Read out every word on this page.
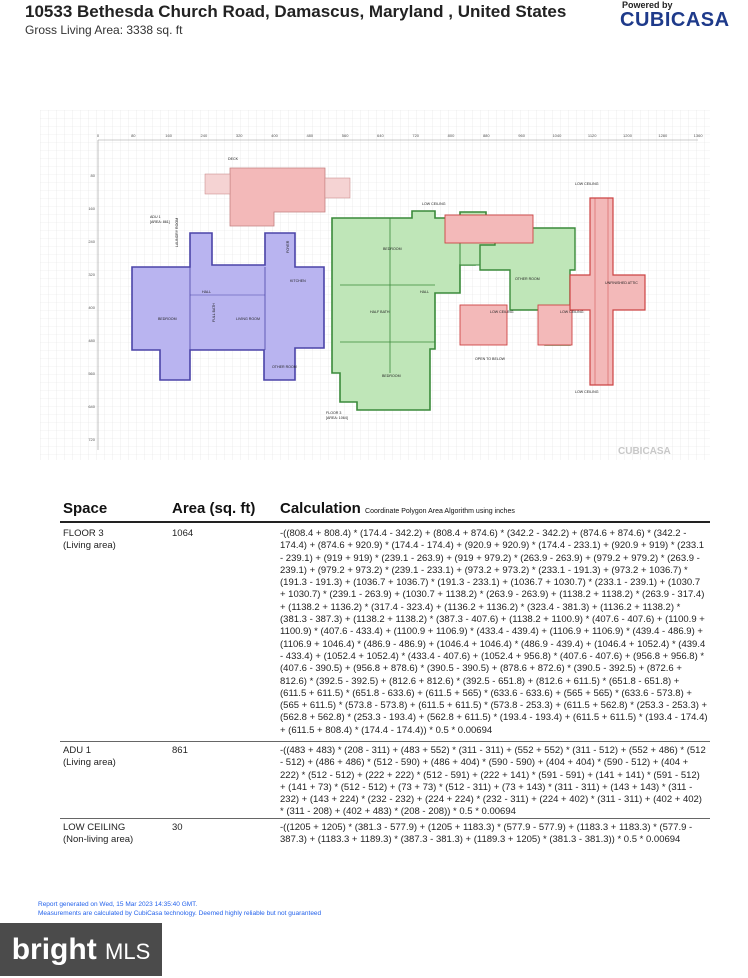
10533 Bethesda Church Road, Damascus, Maryland , United States
Gross Living Area: 3338 sq. ft
Powered by
CUBICASA
0	80	160	240	320	400	480	560	640	720	800	880	960	1040	1120	1200	1280	1360
80
160
240
320
400
480
560
640
720
DECK
ADU 1
[AREA: 861] LAUNDRY ROOM
BEDROOM
HALL
FULL BATH	LIVING ROOM
KITCHEN
FOYER
OTHER ROOM
BEDROOM
HALL
HALF BATH
BEDROOM
FLOOR 3
[AREA: 1064]
OTHER ROOM
UNFINISHED ATTIC
LOW CEILING
LOW CEILING
LOW CEILING
OPEN TO BELOW
LOW CEILING
LOW CEILING
CUBICASA
Space	Area (sq. ft) Calculation Coordinate Polygon Area Algorithm using inches
FLOOR 3
(Living area)
1064	-((808.4 + 808.4) * (174.4 - 342.2) + (808.4 + 874.6) * (342.2 - 342.2) + (874.6 + 874.6) * (342.2 - 174.4) + (874.6 + 920.9) * (174.4 - 174.4) + (920.9 + 920.9) * (174.4 - 233.1) + (920.9 + 919) * (233.1 - 239.1) + (919 + 919) * (239.1 - 263.9) + (919 + 979.2) * (263.9 - 263.9) + (979.2 + 979.2) * (263.9 - 239.1) + (979.2 + 973.2) * (239.1 - 233.1) + (973.2 + 973.2) * (233.1 - 191.3) + (973.2 + 1036.7) * (191.3 - 191.3) + (1036.7 + 1036.7) * (191.3 - 233.1) + (1036.7 + 1030.7) * (233.1 - 239.1) + (1030.7 + 1030.7) * (239.1 - 263.9) + (1030.7 + 1138.2) * (263.9 - 263.9) + (1138.2 + 1138.2) * (263.9 - 317.4) + (1138.2 + 1136.2) * (317.4 - 323.4) + (1136.2 + 1136.2) * (323.4 - 381.3) + (1136.2 + 1138.2) * (381.3 - 387.3) + (1138.2 + 1138.2) * (387.3 - 407.6) + (1138.2 + 1100.9) * (407.6 - 407.6) + (1100.9 + 1100.9) * (407.6 - 433.4) + (1100.9 + 1106.9) * (433.4 - 439.4) + (1106.9 + 1106.9) * (439.4 - 486.9) + (1106.9 + 1046.4) * (486.9 - 486.9) + (1046.4 + 1046.4) * (486.9 - 439.4) + (1046.4 + 1052.4) * (439.4 - 433.4) + (1052.4 + 1052.4) * (433.4 - 407.6) + (1052.4 + 956.8) * (407.6 - 407.6) + (956.8 + 956.8) * (407.6 - 390.5) + (956.8 + 878.6) * (390.5 - 390.5) + (878.6 + 872.6) * (390.5 - 392.5) + (872.6 + 812.6) * (392.5 - 392.5) + (812.6 + 812.6) * (392.5 - 651.8) + (812.6 + 611.5) * (651.8 - 651.8) + (611.5 + 611.5) * (651.8 - 633.6) + (611.5 + 565) * (633.6 - 633.6) + (565 + 565) * (633.6 - 573.8) + (565 + 611.5) * (573.8 - 573.8) + (611.5 + 611.5) * (573.8 - 253.3) + (611.5 + 562.8) * (253.3 - 253.3) + (562.8 + 562.8) * (253.3 - 193.4) + (562.8 + 611.5) * (193.4 - 193.4) + (611.5 + 611.5) * (193.4 - 174.4) + (611.5 + 808.4) * (174.4 - 174.4)) * 0.5 * 0.00694
ADU 1
(Living area)
861	-((483 + 483) * (208 - 311) + (483 + 552) * (311 - 311) + (552 + 552) * (311 - 512) + (552 + 486) * (512 - 512) + (486 + 486) * (512 - 590) + (486 + 404) * (590 - 590) + (404 + 404) * (590 - 512) + (404 + 222) * (512 - 512) + (222 + 222) * (512 - 591) + (222 + 141) * (591 - 591) + (141 + 141) * (591 - 512) + (141 + 73) * (512 - 512) + (73 + 73) * (512 - 311) + (73 + 143) * (311 - 311) + (143 + 143) * (311 - 232) + (143 + 224) * (232 - 232) + (224 + 224) * (232 - 311) + (224 + 402) * (311 - 311) + (402 + 402) * (311 - 208) + (402 + 483) * (208 - 208)) * 0.5 * 0.00694
LOW CEILING
(Non-living area)
30	-((1205 + 1205) * (381.3 - 577.9) + (1205 + 1183.3) * (577.9 - 577.9) + (1183.3 + 1183.3) * (577.9 - 387.3) + (1183.3 + 1189.3) * (387.3 - 381.3) + (1189.3 + 1205) * (381.3 - 381.3)) * 0.5 * 0.00694
Report generated on Wed, 15 Mar 2023 14:35:40 GMT.
Measurements are calculated by CubiCasa technology. Deemed highly reliable but not guaranteed
bright MLS
